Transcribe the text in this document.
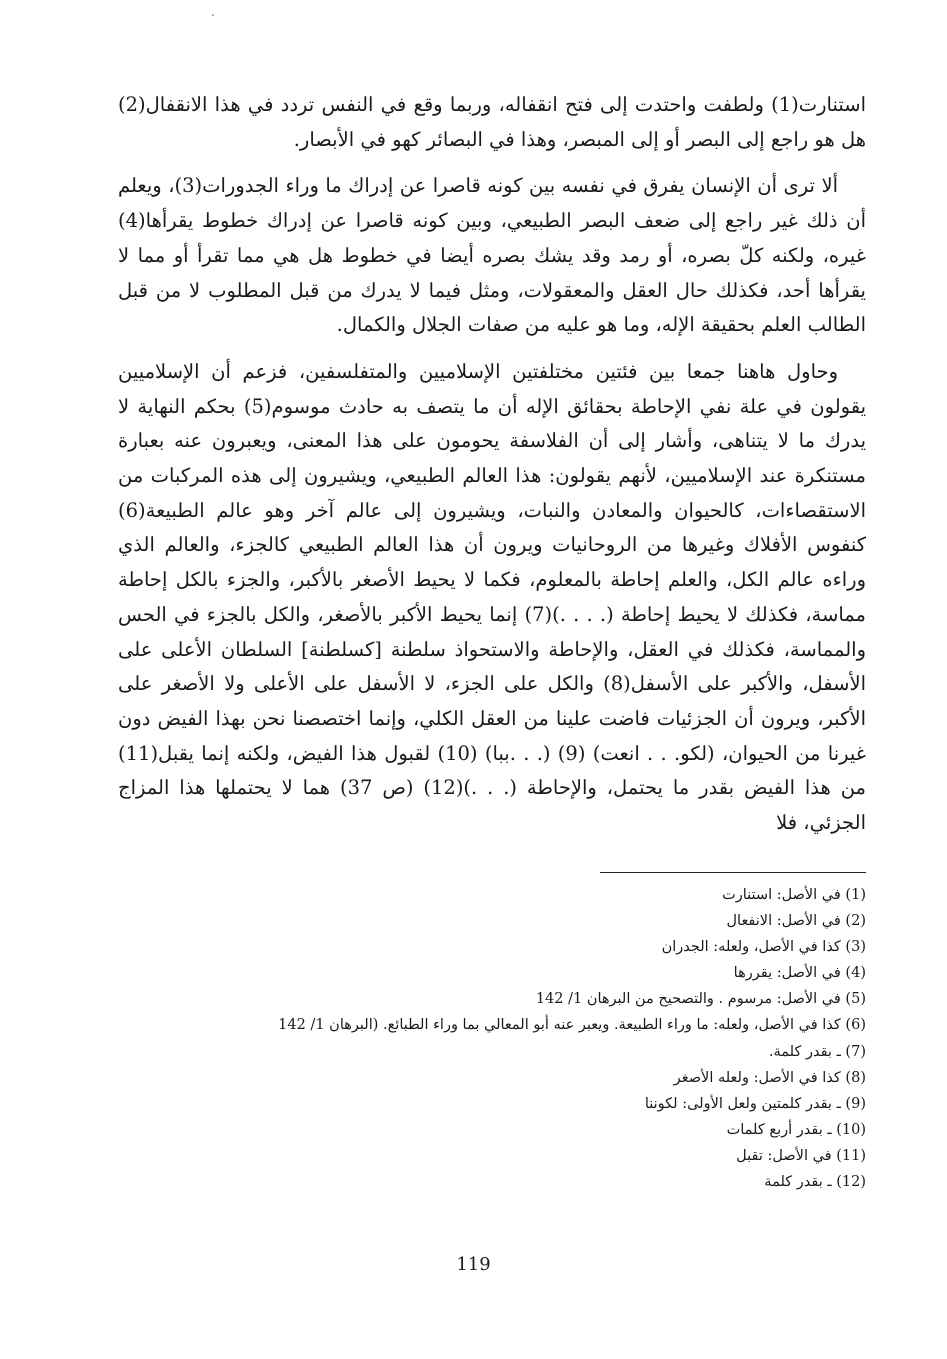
استنارت(1) ولطفت واحتدت إلى فتح انقفاله، وربما وقع في النفس تردد في هذا الانقفال(2) هل هو راجع إلى البصر أو إلى المبصر، وهذا في البصائر كهو في الأبصار.

ألا ترى أن الإنسان يفرق في نفسه بين كونه قاصرا عن إدراك ما وراء الجدورات(3)، ويعلم أن ذلك غير راجع إلى ضعف البصر الطبيعي، وبين كونه قاصرا عن إدراك خطوط يقرأها(4) غيره، ولكنه كلّ بصره، أو رمد وقد يشك بصره أيضا في خطوط هل هي مما تقرأ أو مما لا يقرأها أحد، فكذلك حال العقل والمعقولات، ومثل فيما لا يدرك من قبل المطلوب لا من قبل الطالب العلم بحقيقة الإله، وما هو عليه من صفات الجلال والكمال.

وحاول هاهنا جمعا بين فئتين مختلفتين الإسلاميين والمتفلسفين، فزعم أن الإسلاميين يقولون في علة نفي الإحاطة بحقائق الإله أن ما يتصف به حادث موسوم(5) بحكم النهاية لا يدرك ما لا يتناهى، وأشار إلى أن الفلاسفة يحومون على هذا المعنى، ويعبرون عنه بعبارة مستنكرة عند الإسلاميين، لأنهم يقولون: هذا العالم الطبيعي، ويشيرون إلى هذه المركبات من الاستقصاءات، كالحيوان والمعادن والنبات، ويشيرون إلى عالم آخر وهو عالم الطبيعة(6) كنفوس الأفلاك وغيرها من الروحانيات ويرون أن هذا العالم الطبيعي كالجزء، والعالم الذي وراءه عالم الكل، والعلم إحاطة بالمعلوم، فكما لا يحيط الأصغر بالأكبر، والجزء بالكل إحاطة مماسة، فكذلك لا يحيط إحاطة (. . . .)(7) إنما يحيط الأكبر بالأصغر، والكل بالجزء في الحس والمماسة، فكذلك في العقل، والإحاطة والاستحواذ سلطنة [كسلطنة] السلطان الأعلى على الأسفل، والأكبر على الأسفل(8) والكل على الجزء، لا الأسفل على الأعلى ولا الأصغر على الأكبر، ويرون أن الجزئيات فاضت علينا من العقل الكلي، وإنما اختصصنا نحن بهذا الفيض دون غيرنا من الحيوان، (لكو. . . انعت) (9) (. . .ببا) (10) لقبول هذا الفيض، ولكنه إنما يقبل(11) من هذا الفيض بقدر ما يحتمل، والإحاطة (. . .)(12) (ص 37) هما لا يحتملها هذا المزاج الجزئي، فلا

(1) في الأصل: استنارت

(2) في الأصل: الانفعال

(3) كذا في الأصل، ولعله: الجدران

(4) في الأصل: يقررها

(5) في الأصل: مرسوم . والتصحيح من البرهان 1/ 142

(6) كذا في الأصل، ولعله: ما وراء الطبيعة. ويعبر عنه أبو المعالي بما وراء الطبائع. (البرهان 1/ 142

(7) ـ بقدر كلمة.

(8) كذا في الأصل: ولعله الأصغر

(9) ـ بقدر كلمتين ولعل الأولى: لكوننا

(10) ـ بقدر أربع كلمات

(11) في الأصل: تقبل

(12) ـ بقدر كلمة

119
